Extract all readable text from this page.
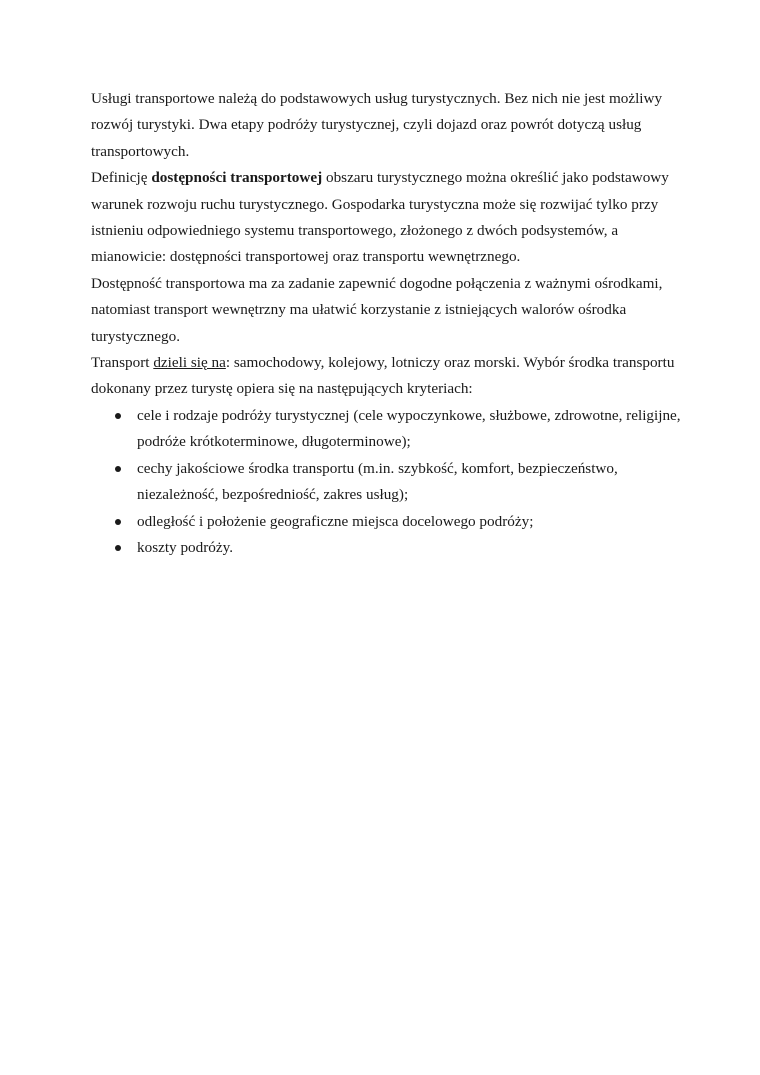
Usługi transportowe należą do podstawowych usług turystycznych. Bez nich nie jest możliwy rozwój turystyki. Dwa etapy podróży turystycznej, czyli dojazd oraz powrót dotyczą usług transportowych.

Definicję dostępności transportowej obszaru turystycznego można określić jako podstawowy warunek rozwoju ruchu turystycznego. Gospodarka turystyczna może się rozwijać tylko przy istnieniu odpowiedniego systemu transportowego, złożonego z dwóch podsystemów, a mianowicie: dostępności transportowej oraz transportu wewnętrznego.

Dostępność transportowa ma za zadanie zapewnić dogodne połączenia z ważnymi ośrodkami, natomiast transport wewnętrzny ma ułatwić korzystanie z istniejących walorów ośrodka turystycznego.

Transport dzieli się na: samochodowy, kolejowy, lotniczy oraz morski. Wybór środka transportu dokonany przez turystę opiera się na następujących kryteriach:

cele i rodzaje podróży turystycznej (cele wypoczynkowe, służbowe, zdrowotne, religijne, podróże krótkoterminowe, długoterminowe);
cechy jakościowe środka transportu (m.in. szybkość, komfort, bezpieczeństwo, niezależność, bezpośredniość, zakres usług);
odległość i położenie geograficzne miejsca docelowego podróży;
koszty podróży.
